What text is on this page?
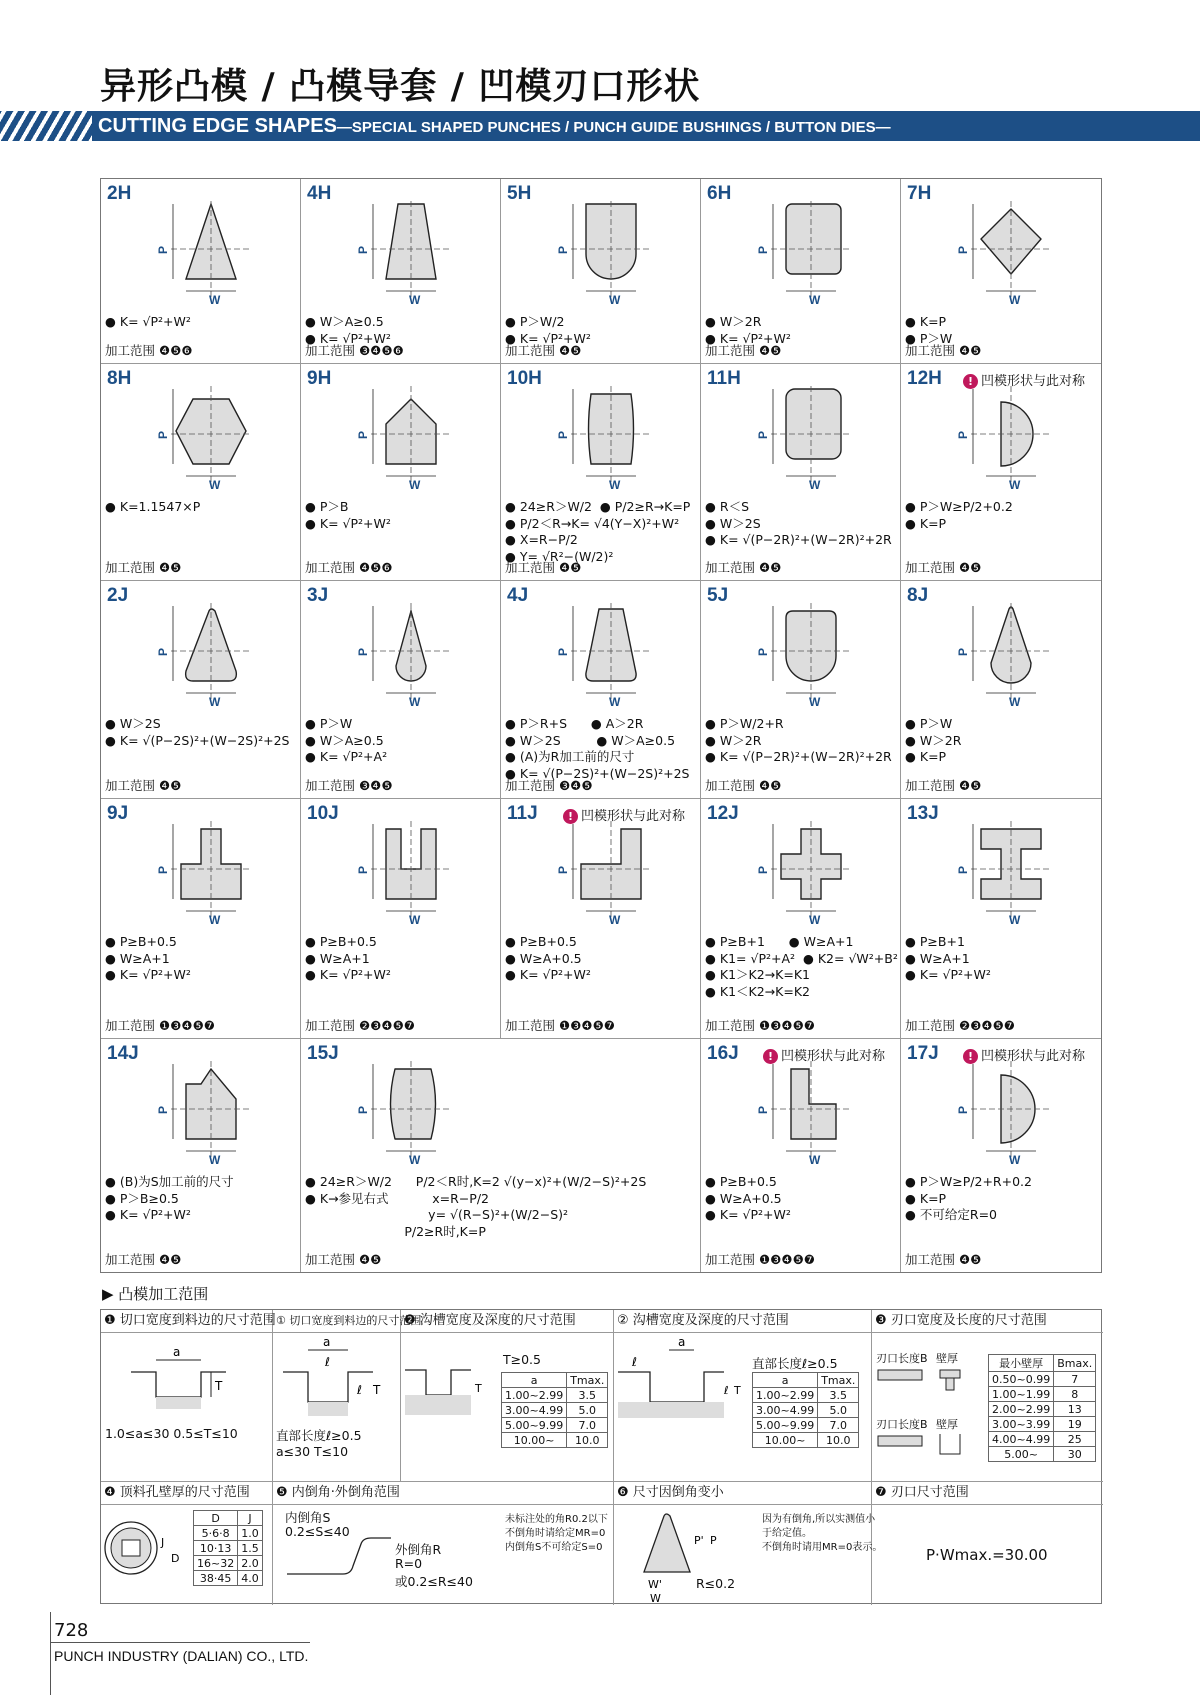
异形凸模 / 凸模导套 / 凹模刃口形状
CUTTING EDGE SHAPES—SPECIAL SHAPED PUNCHES / PUNCH GUIDE BUSHINGS / BUTTON DIES—
2H
W
P
● K= √P²+W²
加工范围 ❹❺❻
4H
W
P
● W＞A≥0.5
● K= √P²+W²
加工范围 ❸❹❺❻
5H
W
P
● P＞W/2
● K= √P²+W²
加工范围 ❹❺
6H
W
P
● W＞2R
● K= √P²+W²
加工范围 ❹❺
7H
W
P
● K=P
● P＞W
加工范围 ❹❺
8H
W
P
● K=1.1547×P
加工范围 ❹❺
9H
W
P
● P＞B
● K= √P²+W²
加工范围 ❹❺❻
10H
W
P
● 24≥R＞W/2  ● P/2≥R→K=P
● P/2＜R→K= √4(Y−X)²+W²
● X=R−P/2
● Y= √R²−(W/2)²
加工范围 ❹❺
11H
W
P
● R＜S
● W＞2S
● K= √(P−2R)²+(W−2R)²+2R
加工范围 ❹❺
12H	! 凹模形状与此对称
W
P
● P＞W≥P/2+0.2
● K=P
加工范围 ❹❺
2J
W
P
● W＞2S
● K= √(P−2S)²+(W−2S)²+2S
加工范围 ❹❺
3J
W
P
● P＞W
● W＞A≥0.5
● K= √P²+A²
加工范围 ❸❹❺
4J
W
P
● P＞R+S      ● A＞2R
● W＞2S         ● W＞A≥0.5
● (A)为R加工前的尺寸
● K= √(P−2S)²+(W−2S)²+2S
加工范围 ❸❹❺
5J
W
P
● P＞W/2+R
● W＞2R
● K= √(P−2R)²+(W−2R)²+2R
加工范围 ❹❺
8J
W
P
● P＞W
● W＞2R
● K=P
加工范围 ❹❺
9J
W
P
● P≥B+0.5
● W≥A+1
● K= √P²+W²
加工范围 ❶❸❹❺❼
10J
W
P
● P≥B+0.5
● W≥A+1
● K= √P²+W²
加工范围 ❷❸❹❺❼
11J	! 凹模形状与此对称
W
P
● P≥B+0.5
● W≥A+0.5
● K= √P²+W²
加工范围 ❶❸❹❺❼
12J
W
P
● P≥B+1      ● W≥A+1
● K1= √P²+A²  ● K2= √W²+B²
● K1＞K2→K=K1
● K1＜K2→K=K2
加工范围 ❶❸❹❺❼
13J
W
P
● P≥B+1
● W≥A+1
● K= √P²+W²
加工范围 ❷❸❹❺❼
14J
W
P
● (B)为S加工前的尺寸
● P＞B≥0.5
● K= √P²+W²
加工范围 ❹❺
15J
W
P
● 24≥R＞W/2      P/2＜R时,K=2 √(y−x)²+(W/2−S)²+2S
● K→参见右式           x=R−P/2
y= √(R−S)²+(W/2−S)²
P/2≥R时,K=P
加工范围 ❹❺
16J	! 凹模形状与此对称
W
P
● P≥B+0.5
● W≥A+0.5
● K= √P²+W²
加工范围 ❶❸❹❺❼
17J	! 凹模形状与此对称
W
P
● P＞W≥P/2+R+0.2
● K=P
● 不可给定R=0
加工范围 ❹❺
▶ 凸模加工范围
❶ 切口宽度到料边的尺寸范围
a
T
1.0≤a≤30 0.5≤T≤10
① 切口宽度到料边的尺寸范围
a
ℓ
ℓ T
直部长度ℓ≥0.5
a≤30 T≤10
❷ 沟槽宽度及深度的尺寸范围
T
T≥0.5
a	Tmax.
1.00~2.99	3.5
3.00~4.99	5.0
5.00~9.99	7.0
10.00~	10.0
② 沟槽宽度及深度的尺寸范围
a
ℓ
ℓ T
直部长度ℓ≥0.5
a	Tmax.
1.00~2.99	3.5
3.00~4.99	5.0
5.00~9.99	7.0
10.00~	10.0
❸ 刃口宽度及长度的尺寸范围
刃口长度B 壁厚
刃口长度B 壁厚
最小壁厚	Bmax.
0.50~0.99	7
1.00~1.99	8
2.00~2.99	13
3.00~3.99	19
4.00~4.99	25
5.00~	30
❹ 顶料孔壁厚的尺寸范围
J
D
D	J
5·6·8	1.0
10·13	1.5
16~32	2.0
38·45	4.0
❺ 内倒角·外倒角范围
内倒角S
0.2≤S≤40
外倒角R
R=0
或0.2≤R≤40
未标注处的角R0.2以下
不倒角时请给定MR=0
内倒角S不可给定S=0
❻ 尺寸因倒角变小
P' P
W'
W
R≤0.2
因为有倒角,所以实测值小
于给定值。
不倒角时请用MR=0表示。
❼ 刃口尺寸范围
P·Wmax.=30.00
728
PUNCH INDUSTRY (DALIAN) CO., LTD.
